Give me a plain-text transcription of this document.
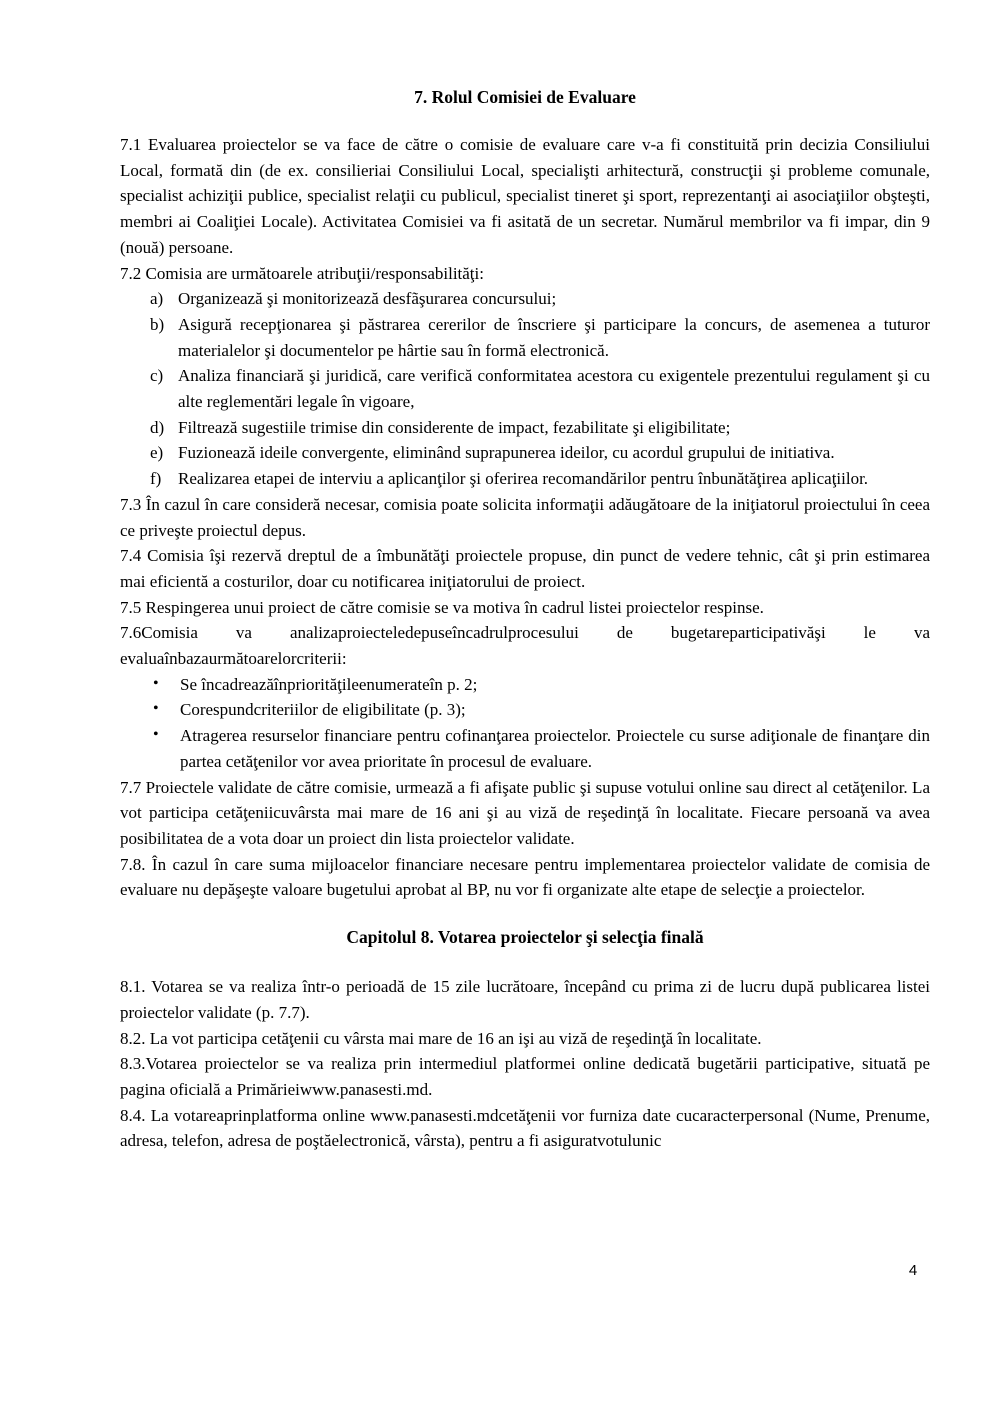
7. Rolul Comisiei de Evaluare

7.1 Evaluarea proiectelor se va face de către o comisie de evaluare care v-a fi constituită prin decizia Consiliului Local, formată din (de ex. consilieriai Consiliului Local, specialişti arhitectură, construcţii şi probleme comunale, specialist achiziţii publice, specialist relaţii cu publicul, specialist tineret şi sport, reprezentanţi ai asociaţiilor obşteşti, membri ai Coaliţiei Locale). Activitatea Comisiei va fi asitată de un secretar. Numărul membrilor va fi impar, din 9 (nouă) persoane.

7.2 Comisia are următoarele atribuţii/responsabilităţi:

a) Organizează şi monitorizează desfãşurarea concursului;
b) Asigură recepţionarea şi păstrarea cererilor de înscriere şi participare la concurs, de asemenea a tuturor materialelor şi documentelor pe hârtie sau în formă electronică.
c) Analiza financiară şi juridică, care verifică conformitatea acestora cu exigentele prezentului regulament şi cu alte reglementări legale în vigoare,
d) Filtrează sugestiile trimise din considerente de impact, fezabilitate şi eligibilitate;
e) Fuzionează ideile convergente, eliminând suprapunerea ideilor, cu acordul grupului de initiativa.
f) Realizarea etapei de interviu a aplicanţilor şi oferirea recomandărilor pentru înbunătăţirea aplicaţiilor.

7.3 În cazul în care consideră necesar, comisia poate solicita informaţii adăugătoare de la iniţiatorul proiectului în ceea ce priveşte proiectul depus.

7.4 Comisia îşi rezervă dreptul de a îmbunătăţi proiectele propuse, din punct de vedere tehnic, cât şi prin estimarea mai eficientă a costurilor, doar cu notificarea iniţiatorului de proiect.

7.5 Respingerea unui proiect de către comisie se va motiva în cadrul listei proiectelor respinse.

7.6Comisia va analizaproiecteledepuseîncadrulprocesului de bugetareparticipativăşi le va evaluaînbazaurmătoarelorcriterii:

• Se încadreazăînpriorităţileenumerateîn p. 2;
• Corespundcriteriilor de eligibilitate (p. 3);
• Atragerea resurselor financiare pentru cofinanţarea proiectelor. Proiectele cu surse adiţionale de finanţare din partea cetăţenilor vor avea prioritate în procesul de evaluare.

7.7 Proiectele validate de către comisie, urmează a fi afişate public şi supuse votului online sau direct al cetăţenilor. La vot participa cetăţeniicuvârsta mai mare de 16 ani şi au viză de reşedinţă în localitate. Fiecare persoană va avea posibilitatea de a vota doar un proiect din lista proiectelor validate.

7.8. În cazul în care suma mijloacelor financiare necesare pentru implementarea proiectelor validate de comisia de evaluare nu depăşeşte valoare bugetului aprobat al BP, nu vor fi organizate alte etape de selecţie a proiectelor.

Capitolul 8. Votarea proiectelor şi selecţia finală

8.1. Votarea se va realiza într-o perioadă de 15 zile lucrătoare, începând cu prima zi de lucru după publicarea listei proiectelor validate (p. 7.7).

8.2. La vot participa cetăţenii cu vârsta mai mare de 16 an işi au viză de reşedinţă în localitate.

8.3.Votarea proiectelor se va realiza prin intermediul platformei online dedicată bugetării participative, situată pe pagina oficială a Primărieiwww.panasesti.md.

8.4. La votareaprinplatforma online www.panasesti.mdcetăţenii vor furniza date cucaracterpersonal (Nume, Prenume, adresa, telefon, adresa de poştăelectronică, vârsta), pentru a fi asiguratvotulunic

4
